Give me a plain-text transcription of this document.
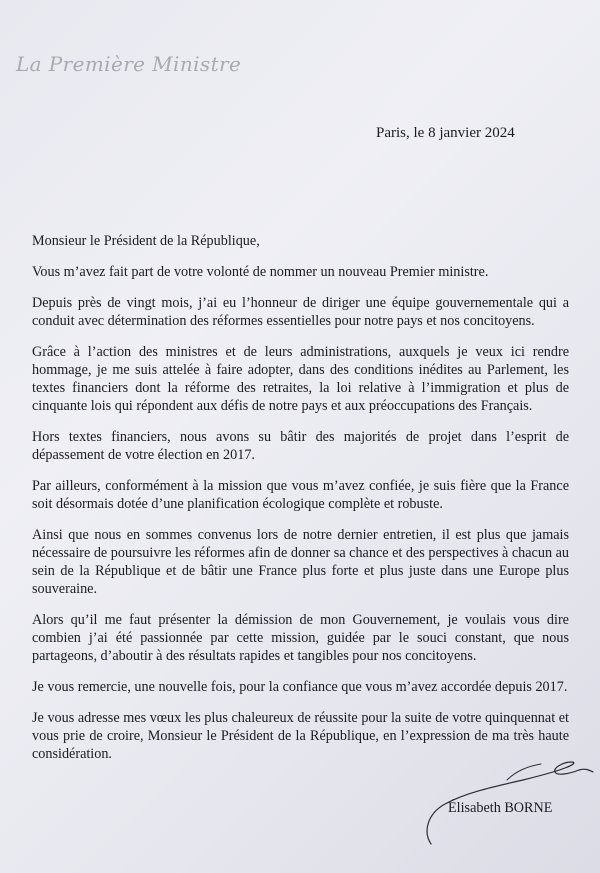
La Première Ministre
Paris, le 8 janvier 2024

Monsieur le Président de la République,

Vous m’avez fait part de votre volonté de nommer un nouveau Premier ministre.

Depuis près de vingt mois, j’ai eu l’honneur de diriger une équipe gouvernementale qui a conduit avec détermination des réformes essentielles pour notre pays et nos concitoyens.

Grâce à l’action des ministres et de leurs administrations, auxquels je veux ici rendre hommage, je me suis attelée à faire adopter, dans des conditions inédites au Parlement, les textes financiers dont la réforme des retraites, la loi relative à l’immigration et plus de cinquante lois qui répondent aux défis de notre pays et aux préoccupations des Français.

Hors textes financiers, nous avons su bâtir des majorités de projet dans l’esprit de dépassement de votre élection en 2017.

Par ailleurs, conformément à la mission que vous m’avez confiée, je suis fière que la France soit désormais dotée d’une planification écologique complète et robuste.

Ainsi que nous en sommes convenus lors de notre dernier entretien, il est plus que jamais nécessaire de poursuivre les réformes afin de donner sa chance et des perspectives à chacun au sein de la République et de bâtir une France plus forte et plus juste dans une Europe plus souveraine.

Alors qu’il me faut présenter la démission de mon Gouvernement, je voulais vous dire combien j’ai été passionnée par cette mission, guidée par le souci constant, que nous partageons, d’aboutir à des résultats rapides et tangibles pour nos concitoyens.

Je vous remercie, une nouvelle fois, pour la confiance que vous m’avez accordée depuis 2017.

Je vous adresse mes vœux les plus chaleureux de réussite pour la suite de votre quinquennat et vous prie de croire, Monsieur le Président de la République, en l’expression de ma très haute considération.

Élisabeth BORNE
